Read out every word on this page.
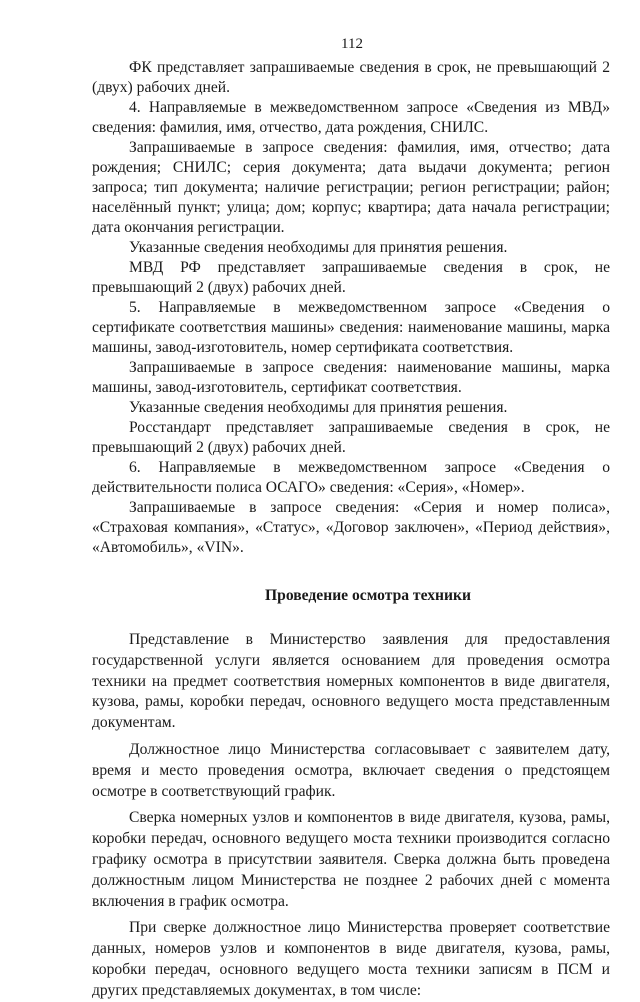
112

ФК представляет запрашиваемые сведения в срок, не превышающий 2 (двух) рабочих дней.

4. Направляемые в межведомственном запросе «Сведения из МВД» сведения: фамилия, имя, отчество, дата рождения, СНИЛС.

Запрашиваемые в запросе сведения: фамилия, имя, отчество; дата рождения; СНИЛС; серия документа; дата выдачи документа; регион запроса; тип документа; наличие регистрации; регион регистрации; район; населённый пункт; улица; дом; корпус; квартира; дата начала регистрации; дата окончания регистрации.

Указанные сведения необходимы для принятия решения.

МВД РФ представляет запрашиваемые сведения в срок, не превышающий 2 (двух) рабочих дней.

5. Направляемые в межведомственном запросе «Сведения о сертификате соответствия машины» сведения: наименование машины, марка машины, завод-изготовитель, номер сертификата соответствия.

Запрашиваемые в запросе сведения: наименование машины, марка машины, завод-изготовитель, сертификат соответствия.

Указанные сведения необходимы для принятия решения.

Росстандарт представляет запрашиваемые сведения в срок, не превышающий 2 (двух) рабочих дней.

6. Направляемые в межведомственном запросе «Сведения о действительности полиса ОСАГО» сведения: «Серия», «Номер».

Запрашиваемые в запросе сведения: «Серия и номер полиса», «Страховая компания», «Статус», «Договор заключен», «Период действия», «Автомобиль», «VIN».

Проведение осмотра техники

Представление в Министерство заявления для предоставления государственной услуги является основанием для проведения осмотра техники на предмет соответствия номерных компонентов в виде двигателя, кузова, рамы, коробки передач, основного ведущего моста представленным документам.

Должностное лицо Министерства согласовывает с заявителем дату, время и место проведения осмотра, включает сведения о предстоящем осмотре в соответствующий график.

Сверка номерных узлов и компонентов в виде двигателя, кузова, рамы, коробки передач, основного ведущего моста техники производится согласно графику осмотра в присутствии заявителя. Сверка должна быть проведена должностным лицом Министерства не позднее 2 рабочих дней с момента включения в график осмотра.

При сверке должностное лицо Министерства проверяет соответствие данных, номеров узлов и компонентов в виде двигателя, кузова, рамы, коробки передач, основного ведущего моста техники записям в ПСМ и других представляемых документах, в том числе:
